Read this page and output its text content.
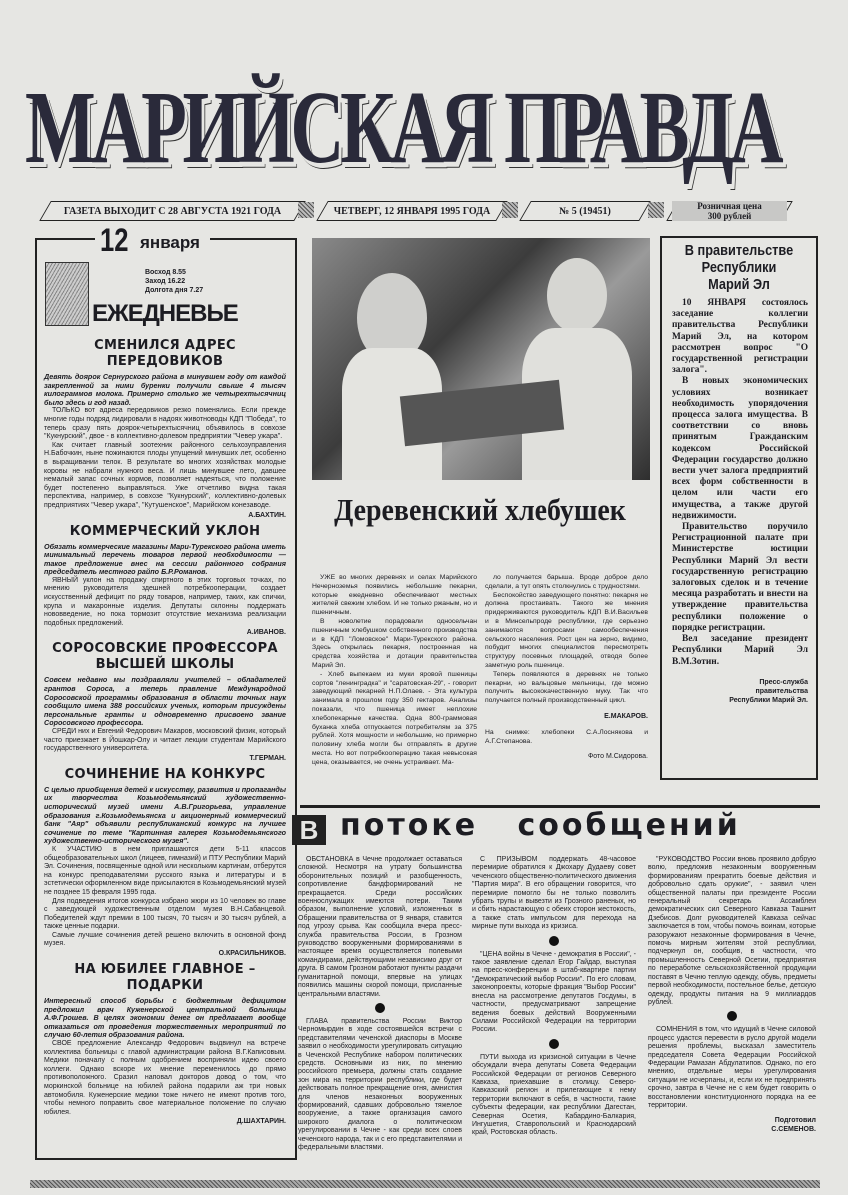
МАРИЙСКАЯ ПРАВДА
ГАЗЕТА ВЫХОДИТ С 28 АВГУСТА 1921 ГОДА	ЧЕТВЕРГ, 12 ЯНВАРЯ 1995 ГОДА	№ 5 (19451)	Розничная цена
300 рублей
12 января
Восход 8.55
Заход 16.22
Долгота дня 7.27
ЕЖЕДНЕВЬЕ
СМЕНИЛСЯ АДРЕС ПЕРЕДОВИКОВ
Девять доярок Сернурского района в минувшем году от каждой закрепленной за ними буренки получили свыше 4 тысяч килограммов молока. Примерно столько же четырехтысячниц было здесь и год назад.

ТОЛЬКО вот адреса передовиков резко поменялись. Если прежде многие годы подряд лидировали в надоях животноводы КДП "Победа", то теперь сразу пять доярок-четырехтысячниц объявилось в совхозе "Кукнурский", двое - в коллективно-долевом предприятии "Чевер ужара".

Как считает главный зоотехник районного сельхозуправления Н.Бабочкин, ныне пожинаются плоды упущений минувших лет, особенно в выращивании телок. В результате во многих хозяйствах молодые коровы не набрали нужного веса. И лишь минувшее лето, давшее немалый запас сочных кормов, позволяет надеяться, что положение будет постепенно выправляться. Уже отчетливо видна такая перспектива, например, в совхозе "Кукнурский", коллективно-долевых предприятиях "Чевер ужара", "Кутушенское", Марийском конезаводе.

А.БАХТИН.
КОММЕРЧЕСКИЙ УКЛОН
Обязать коммерческие магазины Мари-Турекского района иметь минимальный перечень товаров первой необходимости — такое предложение внес на сессии районного собрания председатель местного райпо Б.Р.Романов.

ЯВНЫЙ уклон на продажу спиртного в этих торговых точках, по мнению руководителя здешней потребкооперации, создает искусственный дефицит по ряду товаров, например, таких, как спички, крупа и макаронные изделия. Депутаты склонны поддержать нововведение, но пока тормозит отсутствие механизма реализации подобных предложений.

А.ИВАНОВ.
СОРОСОВСКИЕ ПРОФЕССОРА ВЫСШЕЙ ШКОЛЫ
Совсем недавно мы поздравляли учителей – обладателей грантов Сороса, а теперь правление Международной Соросовской программы образования в области точных наук сообщило имена 388 российских ученых, которым присуждены персональные гранты и одновременно присвоено звание Соросовского профессора.

СРЕДИ них и Евгений Федорович Макаров, московский физик, который часто приезжает в Йошкар-Олу и читает лекции студентам Марийского государственного университета.

Т.ГЕРМАН.
СОЧИНЕНИЕ НА КОНКУРС
С целью приобщения детей к искусству, развития и пропаганды их творчества Козьмодемьянский художественно-исторический музей имени А.В.Григорьева, управление образования г.Козьмодемьянска и акционерный коммерческий банк "Аяр" объявили республиканский конкурс на лучшее сочинение по теме "Картинная галерея Козьмодемьянского художественно-исторического музея".

К УЧАСТИЮ в нем приглашаются дети 5-11 классов общеобразовательных школ (лицеев, гимназий) и ПТУ Республики Марий Эл. Сочинения, посвященные одной или нескольким картинам, отберутся на конкурс преподавателями русского языка и литературы и в эстетически оформленном виде присылаются в Козьмодемьянский музей не позднее 15 февраля 1995 года.

Для подведения итогов конкурса избрано жюри из 10 человек во главе с заведующей художественным отделом музея В.Н.Сабанцевой. Победителей ждут премии в 100 тысяч, 70 тысяч и 30 тысяч рублей, а также ценные подарки.

Самые лучшие сочинения детей решено включить в основной фонд музея.

О.КРАСИЛЬНИКОВ.
НА ЮБИЛЕЕ ГЛАВНОЕ – ПОДАРКИ
Интересный способ борьбы с бюджетным дефицитом предложил врач Куженерской центральной больницы А.Ф.Грошев. В целях экономии денег он предлагает вообще отказаться от проведения торжественных мероприятий по случаю 60-летия образования района.

СВОЕ предложение Александр Федорович выдвинул на встрече коллектива больницы с главой администрации района В.Г.Каписовым. Медики поначалу с полным одобрением восприняли идею своего коллеги. Однако вскоре их мнение переменилось до прямо противоположного. Сразил наповал докторов довод о том, что моркинской больнице на юбилей района подарили аж три новых автомобиля. Куженерские медики тоже ничего не имеют против того, чтобы немного поправить свое материальное положение по случаю юбилея.

Д.ШАХТАРИН.
Деревенский хлебушек

УЖЕ во многих деревнях и селах Марийского Нечерноземья появились небольшие пекарни, которые ежедневно обеспечивают местных жителей свежим хлебом. И не только ржаным, но и пшеничным.

В новолетие порадовали односельчан пшеничным хлебушком собственного производства и в КДП "Ломовское" Мари-Турекского района. Здесь открылась пекарня, построенная на средства хозяйства и дотации правительства Марий Эл.

- Хлеб выпекаем из муки яровой пшеницы сортов "ленинградка" и "саратовская-29", - говорит заведующий пекарней Н.П.Олаев. - Эта культура занимала в прошлом году 350 гектаров. Анализы показали, что пшеница имеет неплохие хлебопекарные качества. Одна 800-граммовая буханка хлеба отпускается потребителям за 375 рублей. Хотя мощности и небольшие, но примерно половину хлеба могли бы отправлять в другие места. Но вот потребкооперацию такая невысокая цена, оказывается, не очень устраивает. Ма-

ло получается барыша. Вроде доброе дело сделали, а тут опять столкнулись с трудностями.

Беспокойство заведующего понятно: пекарня не должна простаивать. Такого же мнения придерживаются руководитель КДП В.И.Васильев и в Минсельпроде республики, где серьезно занимаются вопросами самообеспечения сельского населения. Рост цен на зерно, видимо, побудит многих специалистов пересмотреть структуру посевных площадей, отводя более заметную роль пшенице.

Теперь появляются в деревнях не только пекарни, но вальцовые мельницы, где можно получить высококачественную муку. Так что получается полный производственный цикл.

Е.МАКАРОВ.
На снимке: хлебопеки С.А.Лоснякова и А.Г.Степанова.
Фото М.Сидорова.
В правительстве
Республики
Марий Эл

10 ЯНВАРЯ состоялось заседание коллегии правительства Республики Марий Эл, на котором рассмотрен вопрос "О государственной регистрации залога".

В новых экономических условиях возникает необходимость упорядочения процесса залога имущества. В соответствии со вновь принятым Гражданским кодексом Российской Федерации государство должно вести учет залога предприятий всех форм собственности в целом или части его имущества, а также другой недвижимости.

Правительство поручило Регистрационной палате при Министерстве юстиции Республики Марий Эл вести государственную регистрацию залоговых сделок и в течение месяца разработать и внести на утверждение правительства республики положение о порядке регистрации.

Вел заседание президент Республики Марий Эл В.М.Зотин.

Пресс-служба
правительства
Республики Марий Эл.
В потоке сообщений

ОБСТАНОВКА в Чечне продолжает оставаться сложной. Несмотря на утрату большинства оборонительных позиций и разобщенность, сопротивление бандформирований не прекращается. Среди российских военнослужащих имеются потери. Таким образом, выполнение условий, изложенных в Обращении правительства от 9 января, ставится под угрозу срыва. Как сообщила вчера пресс-служба правительства России, в Грозном руководство вооруженными формированиями в настоящее время осуществляется полевыми командирами, действующими независимо друг от друга. В самом Грозном работают пункты раздачи гуманитарной помощи, впервые на улицах появились машины скорой помощи, присланные центральными властями.

ГЛАВА правительства России Виктор Черномырдин в ходе состоявшейся встречи с представителями чеченской диаспоры в Москве заявил о необходимости урегулировать ситуацию в Чеченской Республике набором политических средств. Основными из них, по мнению российского премьера, должны стать создание зон мира на территории республики, где будет действовать полное прекращение огня, амнистия для членов незаконных вооруженных формирований, сдавших добровольно тяжелое вооружение, а также организация самого широкого диалога о политическом урегулировании в Чечне - как среди всех слоев чеченского народа, так и с его представителями и федеральными властями.

С ПРИЗЫВОМ поддержать 48-часовое перемирие обратился к Джохару Дудаеву совет чеченского общественно-политического движения "Партия мира". В его обращении говорится, что перемирие помогло бы не только позволить убрать трупы и вывезти из Грозного раненых, но и сбить нарастающую с обеих сторон жестокость, а также стать импульсом для перехода на мирные пути выхода из кризиса.

"ЦЕНА войны в Чечне - демократия в России", - такое заявление сделал Егор Гайдар, выступая на пресс-конференции в штаб-квартире партии "Демократический выбор России". По его словам, законопроекты, которые фракция "Выбор России" внесла на рассмотрение депутатов Госдумы, в частности, предусматривают запрещение ведения боевых действий Вооруженными Силами Российской Федерации на территории России.

ПУТИ выхода из кризисной ситуации в Чечне обсуждали вчера депутаты Совета Федерации Российской Федерации от регионов Северного Кавказа, приехавшие в столицу. Северо-Кавказский регион и прилегающие к нему территории включают в себя, в частности, такие субъекты федерации, как республики Дагестан, Северная Осетия, Кабардино-Балкария, Ингушетия, Ставропольский и Краснодарский край, Ростовская область.

"РУКОВОДСТВО России вновь проявило добрую волю, предложив незаконным вооруженным формированиям прекратить боевые действия и добровольно сдать оружие", - заявил член общественной палаты при президенте России генеральный секретарь Ассамблеи демократических сил Северного Кавказа Ташнит Дзебисов. Долг руководителей Кавказа сейчас заключается в том, чтобы помочь воинам, которые разоружают незаконные формирования в Чечне, помочь мирным жителям этой республики, подчеркнул он, сообщив, в частности, что промышленность Северной Осетии, предприятия по переработке сельскохозяйственной продукции поставят в Чечню теплую одежду, обувь, предметы первой необходимости, постельное белье, детскую одежду, продукты питания на 9 миллиардов рублей.

СОМНЕНИЯ в том, что идущий в Чечне силовой процесс удастся перевести в русло другой модели решения проблемы, высказал заместитель председателя Совета Федерации Российской Федерации Рамазан Абдулатипов. Однако, по его мнению, отдельные меры урегулирования ситуации не исчерпаны, и, если их не предпринять срочно, завтра в Чечне не с кем будет говорить о восстановлении конституционного порядка на ее территории.

Подготовил
С.СЕМЕНОВ.
